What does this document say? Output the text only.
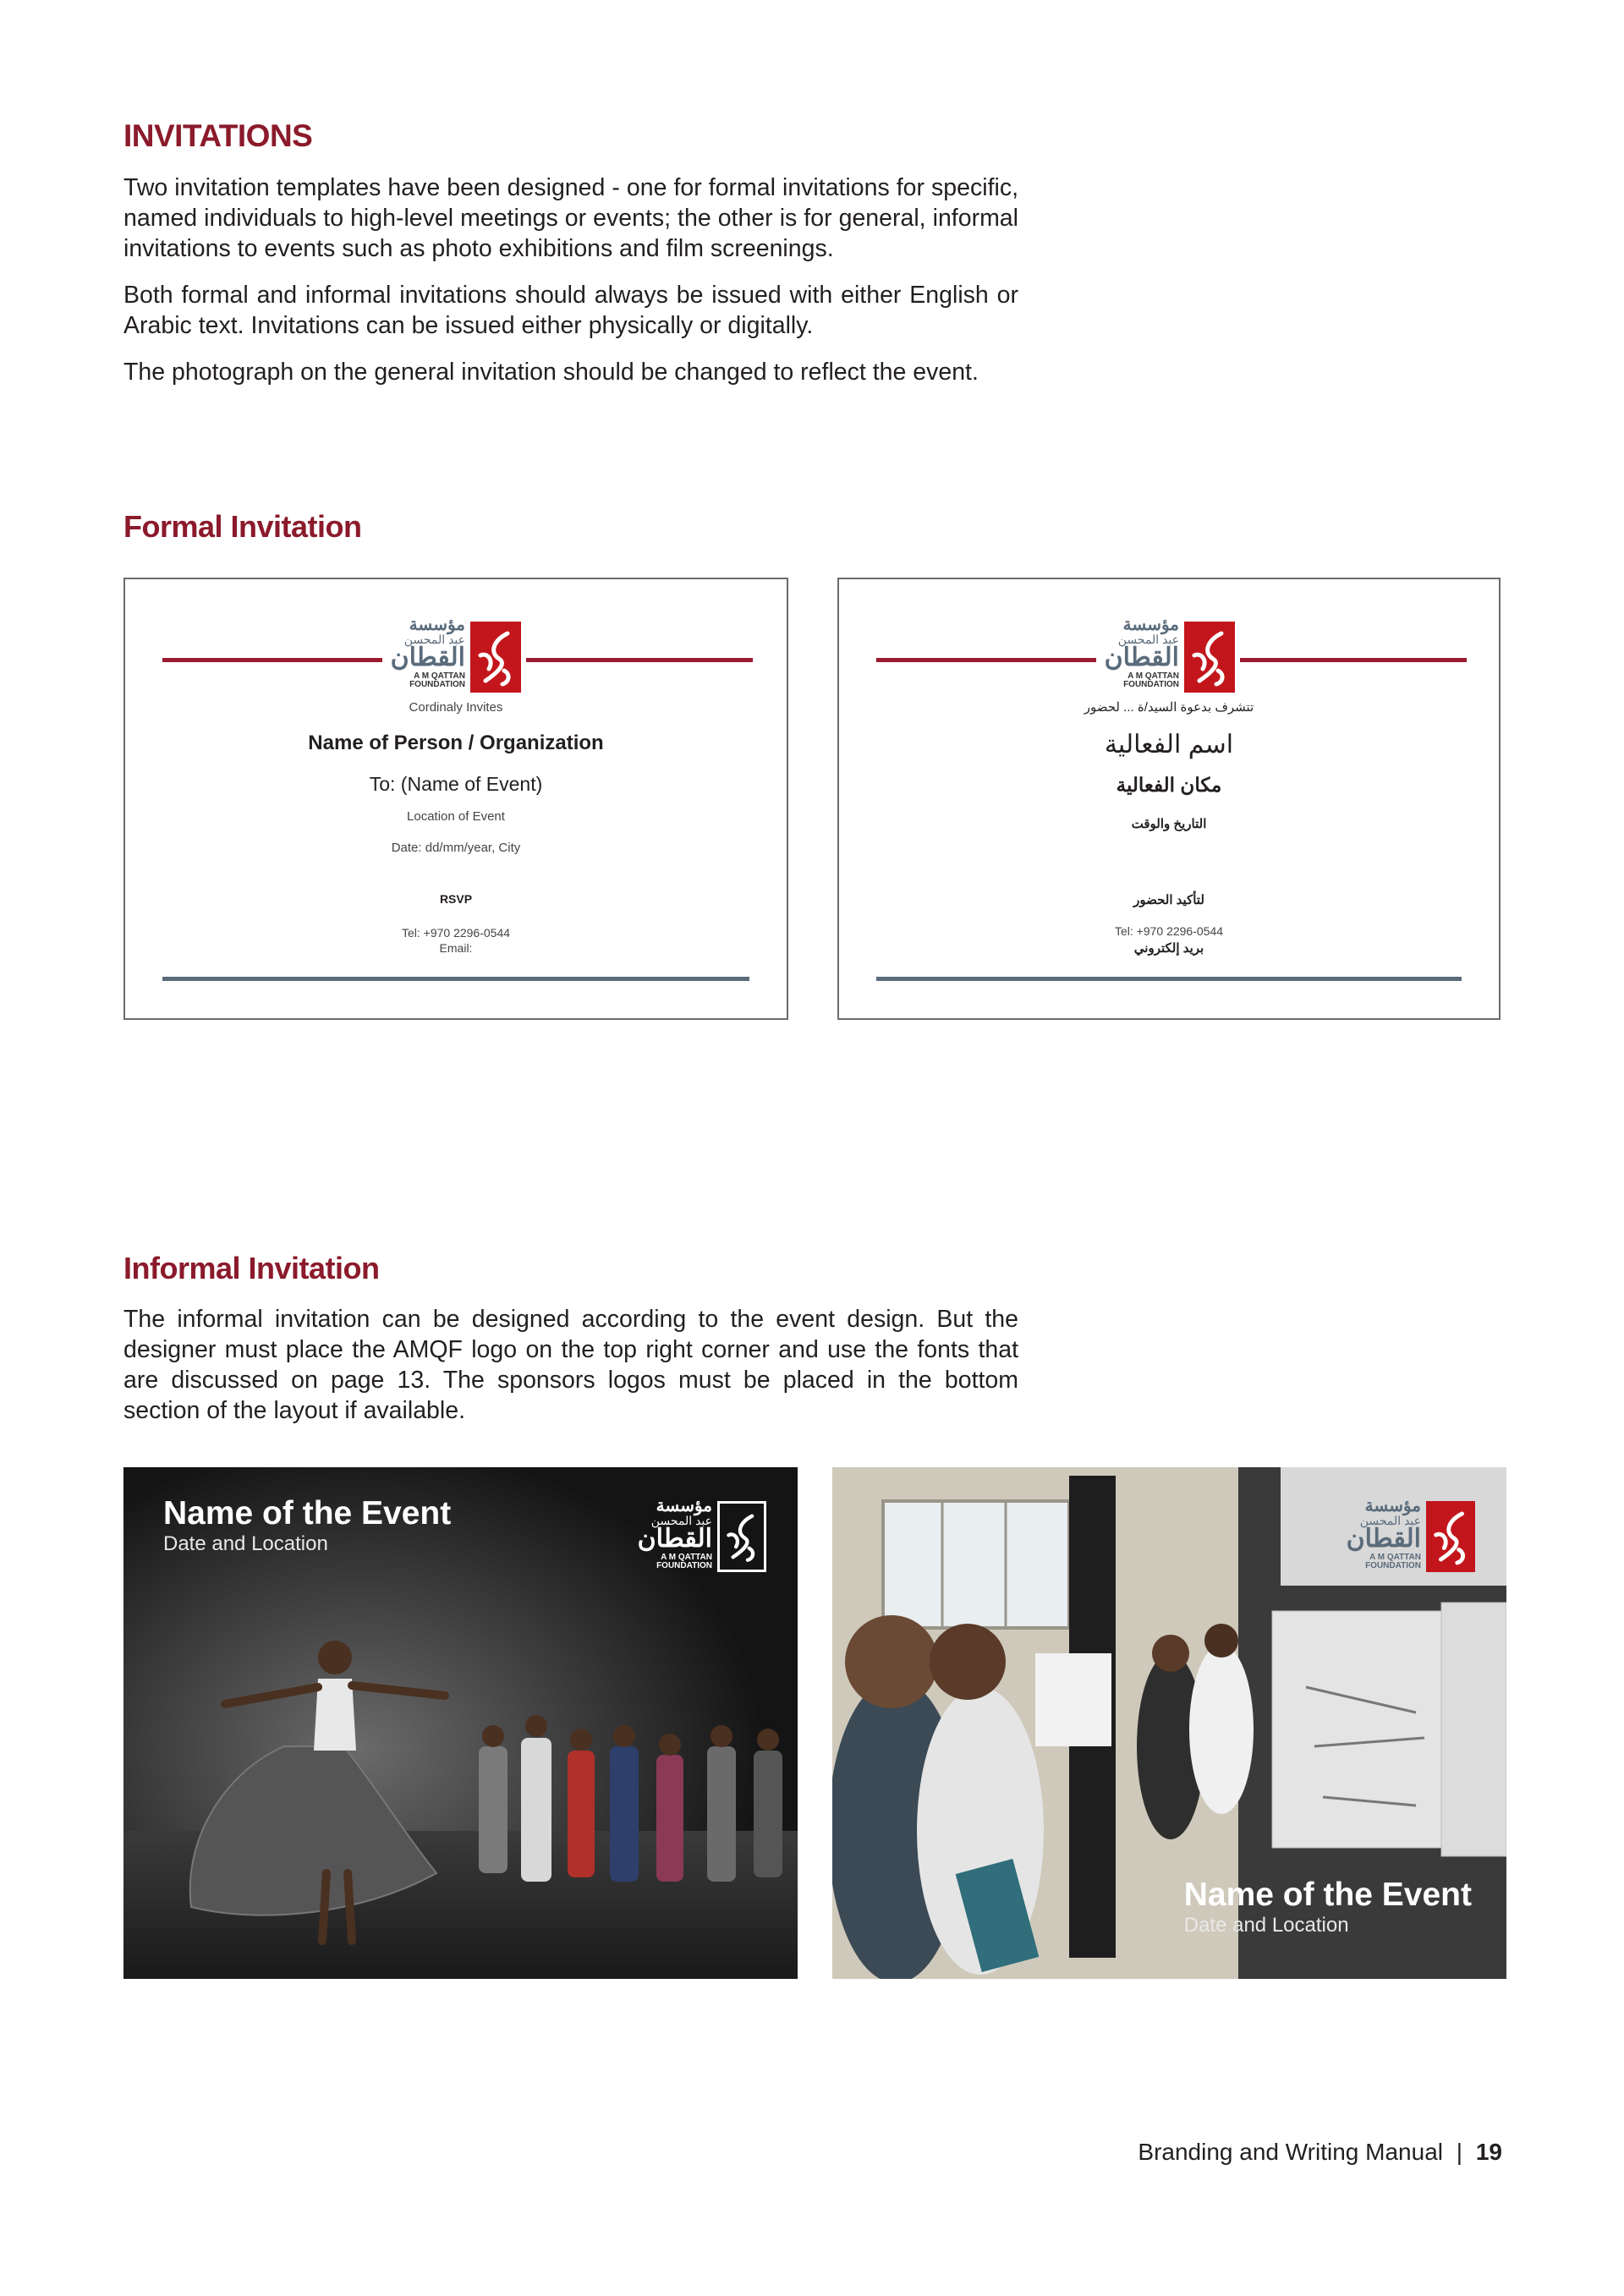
INVITATIONS

Two invitation templates have been designed - one for formal invitations for specific, named individuals to high-level meetings or events; the other is for general, informal invitations to events such as photo exhibitions and film screenings.

Both formal and informal invitations should always be issued with either English or Arabic text. Invitations can be issued either physically or digitally.

The photograph on the general invitation should be changed to reflect the event.

Formal Invitation
مؤسسة
عبد المحسن
القطان
A M QATTAN
FOUNDATION
Cordinaly Invites
Name of Person / Organization
To: (Name of Event)
Location of Event
Date: dd/mm/year, City
RSVP
Tel: +970 2296-0544
Email:
مؤسسة
عبد المحسن
القطان
A M QATTAN
FOUNDATION
تتشرف بدعوة السيد/ة ... لحضور
اسم الفعالية
مكان الفعالية
التاريخ والوقت
لتأكيد الحضور
Tel: +970 2296-0544
بريد إلكتروني
Informal Invitation

The informal invitation can be designed according to the event design. But the designer must place the AMQF logo on the top right corner and use the fonts that are discussed on page 13. The sponsors logos must be placed in the bottom section of the layout if available.

Name of the Event
Date and Location
مؤسسة
عبد المحسن
القطان
A M QATTAN
FOUNDATION
مؤسسة
عبد المحسن
القطان
A M QATTAN
FOUNDATION
Name of the Event
Date and Location
Branding and Writing Manual | 19
